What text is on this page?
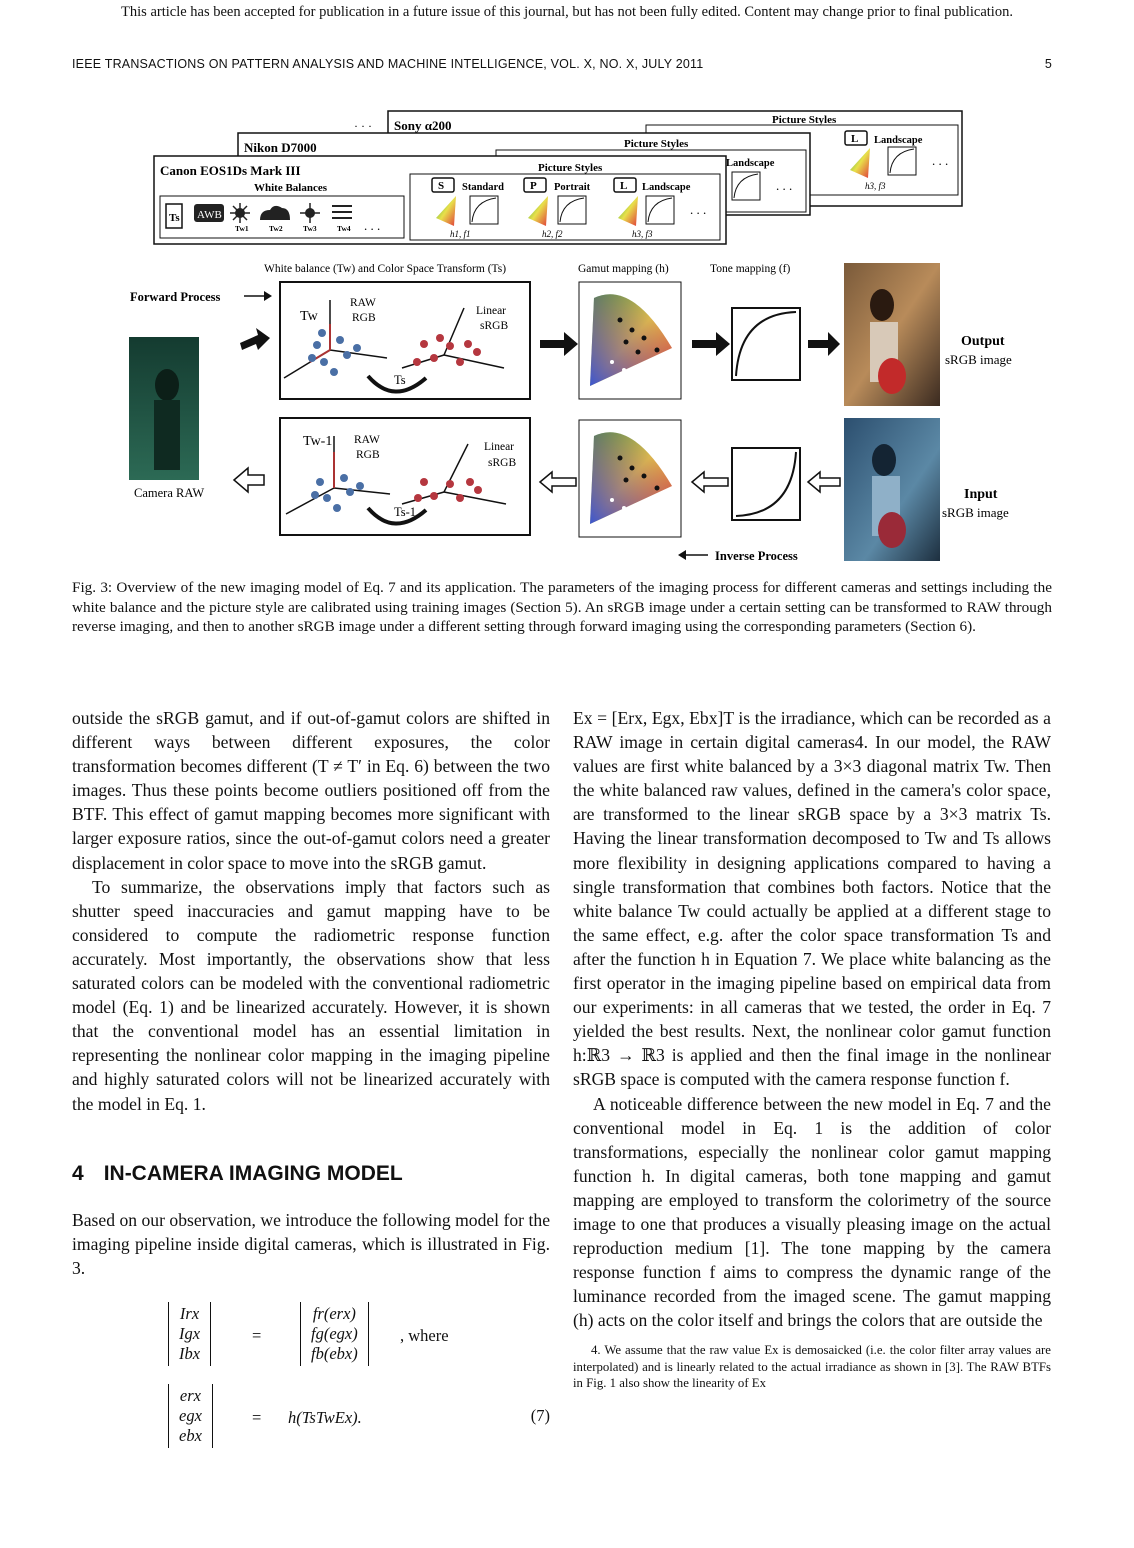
This article has been accepted for publication in a future issue of this journal, but has not been fully edited. Content may change prior to final publication.
IEEE TRANSACTIONS ON PATTERN ANALYSIS AND MACHINE INTELLIGENCE, VOL. X, NO. X, JULY 2011	5
Sony α200
· · ·	Picture Styles
L Landscape
. . .
h3, f3
Nikon D7000	Picture Styles
Landscape
. . .
Canon EOS1Ds Mark III
White Balances
Ts AWB
Tw1	Tw2	Tw3	Tw4 . . .
Picture Styles
S Standard
h1, f1
P Portrait
h2, f2
L Landscape
h3, f3
. . .
White balance (Tw) and Color Space Transform (Ts)	Gamut mapping (h)	Tone mapping (f)
Forward Process
Camera RAW
Tw
RAW
RGB
Linear
sRGB
Ts
Output
sRGB image
Tw-1 RAW
RGB
Linear
sRGB
Ts-1
Input
sRGB image
Inverse Process
Fig. 3: Overview of the new imaging model of Eq. 7 and its application. The parameters of the imaging process for different cameras and settings including the white balance and the picture style are calibrated using training images (Section 5). An sRGB image under a certain setting can be transformed to RAW through reverse imaging, and then to another sRGB image under a different setting through forward imaging using the corresponding parameters (Section 6).

outside the sRGB gamut, and if out-of-gamut colors are shifted in different ways between different exposures, the color transformation becomes different (T ≠ T′ in Eq. 6) between the two images. Thus these points become outliers positioned off from the BTF. This effect of gamut mapping becomes more significant with larger exposure ratios, since the out-of-gamut colors need a greater displacement in color space to move into the sRGB gamut.

To summarize, the observations imply that factors such as shutter speed inaccuracies and gamut mapping have to be considered to compute the radiometric response function accurately. Most importantly, the observations show that less saturated colors can be modeled with the conventional radiometric model (Eq. 1) and be linearized accurately. However, it is shown that the conventional model has an essential limitation in representing the nonlinear color mapping in the imaging pipeline and highly saturated colors will not be linearized accurately with the model in Eq. 1.

4 IN-CAMERA IMAGING MODEL

Based on our observation, we introduce the following model for the imaging pipeline inside digital cameras, which is illustrated in Fig. 3.

Irx
Igx
Ibx
=
fr(erx)
fg(egx)
fb(ebx)
, where
erx
egx
ebx
= h(TsTwEx).	(7)

Ex = [Erx, Egx, Ebx]T is the irradiance, which can be recorded as a RAW image in certain digital cameras4. In our model, the RAW values are first white balanced by a 3×3 diagonal matrix Tw. Then the white balanced raw values, defined in the camera's color space, are transformed to the linear sRGB space by a 3×3 matrix Ts. Having the linear transformation decomposed to Tw and Ts allows more flexibility in designing applications compared to having a single transformation that combines both factors. Notice that the white balance Tw could actually be applied at a different stage to the same effect, e.g. after the color space transformation Ts and after the function h in Equation 7. We place white balancing as the first operator in the imaging pipeline based on empirical data from our experiments: in all cameras that we tested, the order in Eq. 7 yielded the best results. Next, the nonlinear color gamut function h:ℝ3 → ℝ3 is applied and then the final image in the nonlinear sRGB space is computed with the camera response function f.

A noticeable difference between the new model in Eq. 7 and the conventional model in Eq. 1 is the addition of color transformations, especially the nonlinear color gamut mapping function h. In digital cameras, both tone mapping and gamut mapping are employed to transform the colorimetry of the source image to one that produces a visually pleasing image on the actual reproduction medium [1]. The tone mapping by the camera response function f aims to compress the dynamic range of the luminance recorded from the imaged scene. The gamut mapping (h) acts on the color itself and brings the colors that are outside the

4. We assume that the raw value Ex is demosaicked (i.e. the color filter array values are interpolated) and is linearly related to the actual irradiance as shown in [3]. The RAW BTFs in Fig. 1 also show the linearity of Ex
